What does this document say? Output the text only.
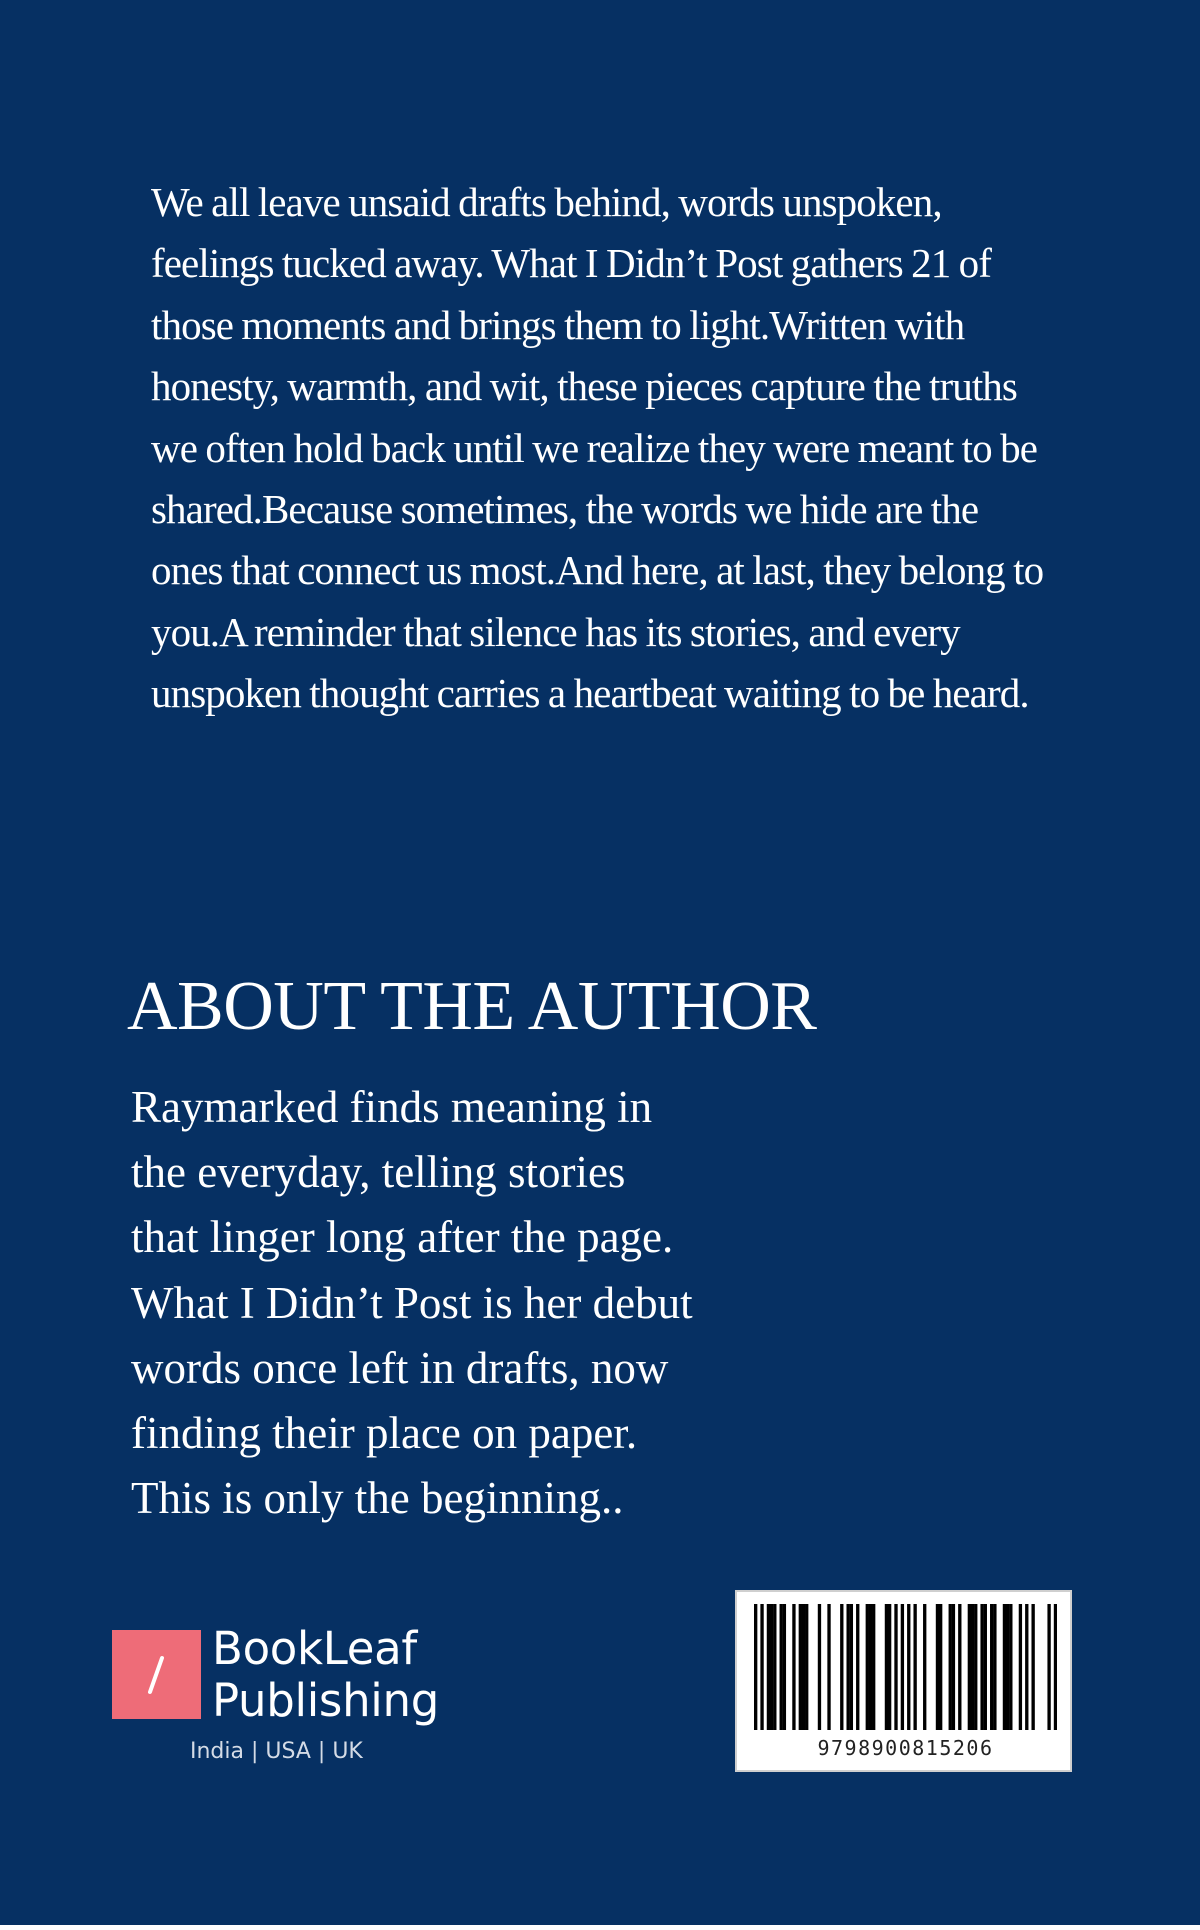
We all leave unsaid drafts behind, words unspoken,
feelings tucked away. What I Didn’t Post gathers 21 of
those moments and brings them to light.Written with
honesty, warmth, and wit, these pieces capture the truths
we often hold back until we realize they were meant to be
shared.Because sometimes, the words we hide are the
ones that connect us most.And here, at last, they belong to
you.A reminder that silence has its stories, and every
unspoken thought carries a heartbeat waiting to be heard.

ABOUT THE AUTHOR

Raymarked finds meaning in
the everyday, telling stories
that linger long after the page.
What I Didn’t Post is her debut
words once left in drafts, now
finding their place on paper.
This is only the beginning..

BookLeaf
Publishing

India | USA | UK	9798900815206
